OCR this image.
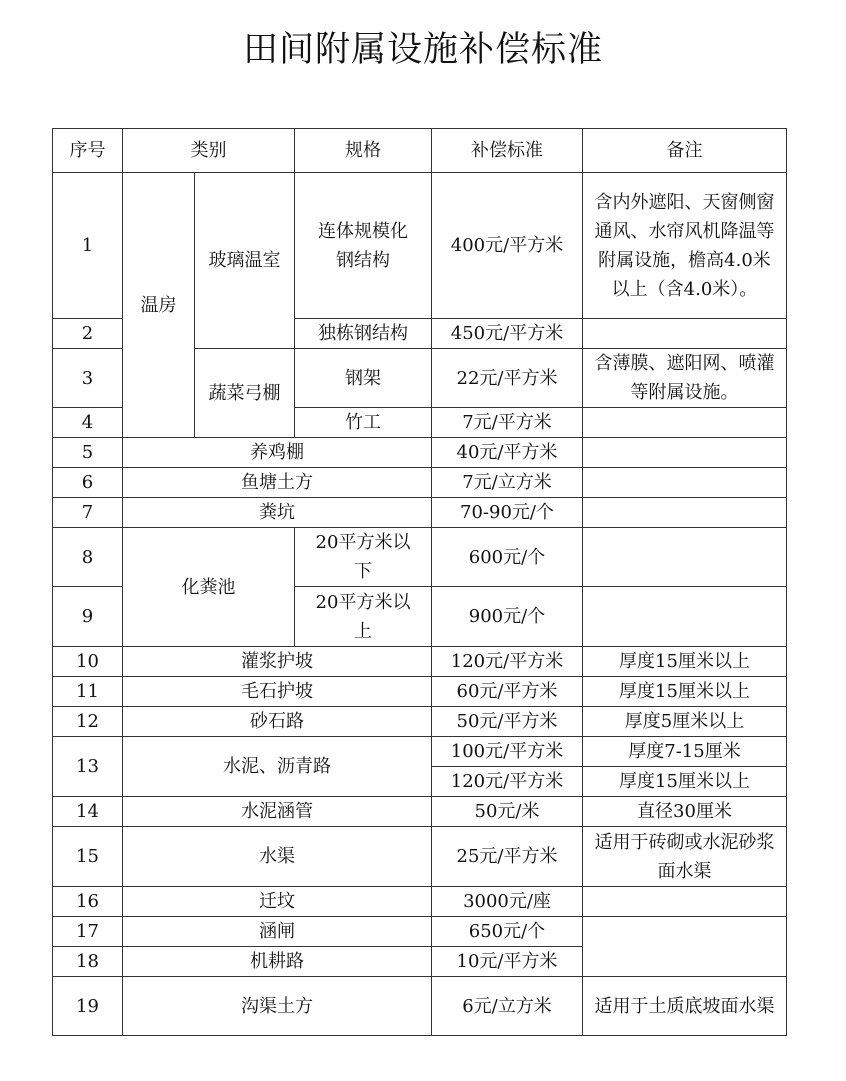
田间附属设施补偿标准
序号	类别		规格	补偿标准	备注
1	温房	玻璃温室	连体规模化钢结构	400元/平方米	含内外遮阳、天窗侧窗通风、水帘风机降温等附属设施，檐高4.0米以上（含4.0米）。
2			独栋钢结构	450元/平方米	
3		蔬菜弓棚	钢架	22元/平方米	含薄膜、遮阳网、喷灌等附属设施。
4			竹工	7元/平方米	
5	养鸡棚			40元/平方米	
6	鱼塘土方			7元/立方米	
7	粪坑			70-90元/个	
8	化粪池		20平方米以下	600元/个	
9			20平方米以上	900元/个	
10	灌浆护坡			120元/平方米	厚度15厘米以上
11	毛石护坡			60元/平方米	厚度15厘米以上
12	砂石路			50元/平方米	厚度5厘米以上
13	水泥、沥青路			100元/平方米	厚度7-15厘米
				120元/平方米	厚度15厘米以上
14	水泥涵管			50元/米	直径30厘米
15	水渠			25元/平方米	适用于砖砌或水泥砂浆面水渠
16	迁坟			3000元/座	
17	涵闸			650元/个	
18	机耕路			10元/平方米	
19	沟渠土方			6元/立方米	适用于土质底坡面水渠
